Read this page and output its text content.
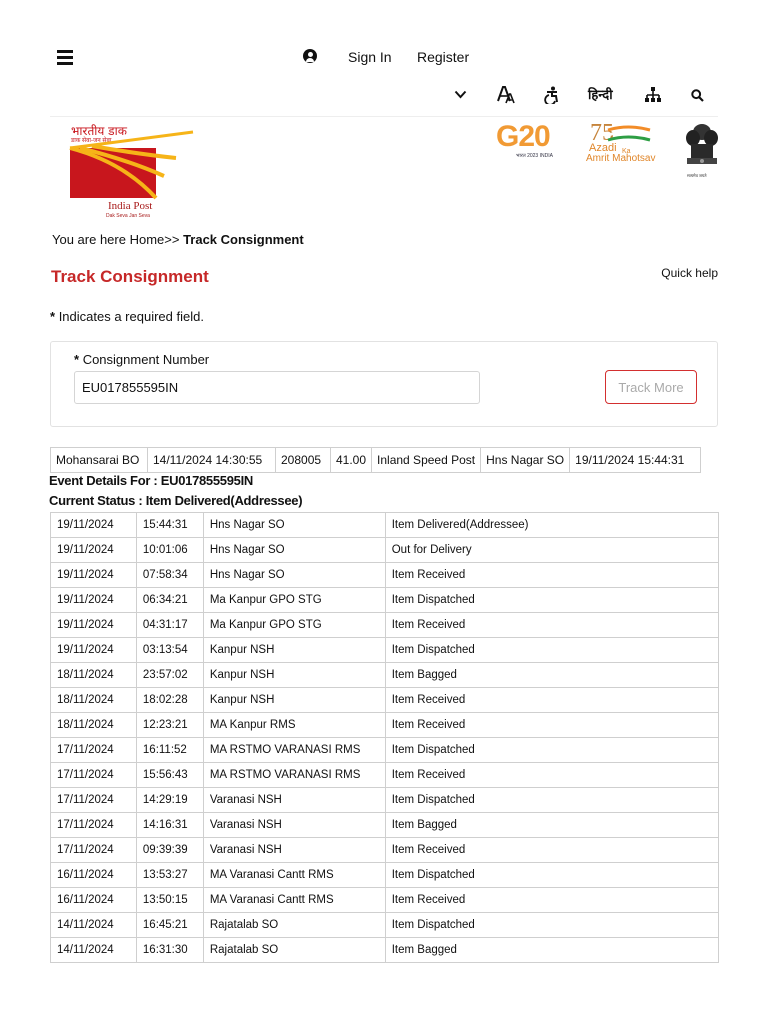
Sign In Register
हिन्दी
भारतीय डाक
डाक सेवा-जन सेवा
India Post
Dak Seva Jan Seva
G20
भारत 2023 INDIA
75
Azadi Ka
Amrit Mahotsav
सत्यमेव जयते
You are here Home>> Track Consignment
Track Consignment	Quick help
* Indicates a required field.
* Consignment Number
EU017855595IN
Track More
Mohansarai BO	14/11/2024 14:30:55	208005	41.00	Inland Speed Post	Hns Nagar SO	19/11/2024 15:44:31
Event Details For : EU017855595IN
Current Status : Item Delivered(Addressee)
19/11/2024	15:44:31	Hns Nagar SO	Item Delivered(Addressee)
19/11/2024	10:01:06	Hns Nagar SO	Out for Delivery
19/11/2024	07:58:34	Hns Nagar SO	Item Received
19/11/2024	06:34:21	Ma Kanpur GPO STG	Item Dispatched
19/11/2024	04:31:17	Ma Kanpur GPO STG	Item Received
19/11/2024	03:13:54	Kanpur NSH	Item Dispatched
18/11/2024	23:57:02	Kanpur NSH	Item Bagged
18/11/2024	18:02:28	Kanpur NSH	Item Received
18/11/2024	12:23:21	MA Kanpur RMS	Item Received
17/11/2024	16:11:52	MA RSTMO VARANASI RMS	Item Dispatched
17/11/2024	15:56:43	MA RSTMO VARANASI RMS	Item Received
17/11/2024	14:29:19	Varanasi NSH	Item Dispatched
17/11/2024	14:16:31	Varanasi NSH	Item Bagged
17/11/2024	09:39:39	Varanasi NSH	Item Received
16/11/2024	13:53:27	MA Varanasi Cantt RMS	Item Dispatched
16/11/2024	13:50:15	MA Varanasi Cantt RMS	Item Received
14/11/2024	16:45:21	Rajatalab SO	Item Dispatched
14/11/2024	16:31:30	Rajatalab SO	Item Bagged
